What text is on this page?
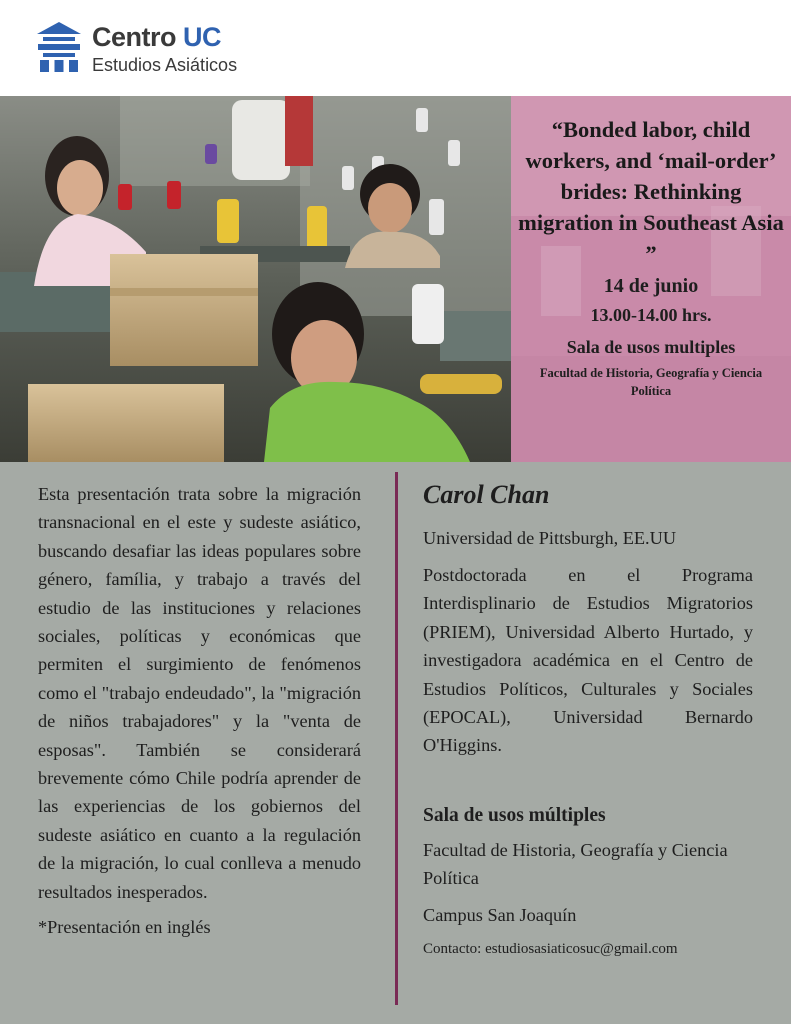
Centro UC
Estudios Asiáticos
“Bonded labor, child workers, and ‘mail-order’ brides: Rethinking migration in Southeast Asia ”
14 de junio
13.00-14.00 hrs.
Sala de usos multiples
Facultad de Historia, Geografía y Ciencia Política

Esta presentación trata sobre la migración transnacional en el este y sudeste asiático, buscando desafiar las ideas populares sobre género, família, y trabajo a través del estudio de las instituciones y relaciones sociales, políticas y económicas que permiten el surgimiento de fenómenos como el "trabajo endeudado", la "migración de niños trabajadores" y la "venta de esposas". También se considerará brevemente cómo Chile podría aprender de las experiencias de los gobiernos del sudeste asiático en cuanto a la regulación de la migración, lo cual conlleva a menudo resultados inesperados.

*Presentación en inglés
Carol Chan
Universidad de Pittsburgh, EE.UU
Postdoctorada en el Programa Interdisplinario de Estudios Migratorios (PRIEM), Universidad Alberto Hurtado, y investigadora académica en el Centro de Estudios Políticos, Culturales y Sociales (EPOCAL), Universidad Bernardo O'Higgins.
Sala de usos múltiples
Facultad de Historia, Geografía y Ciencia Política
Campus San Joaquín
Contacto: estudiosasiaticosuc@gmail.com
